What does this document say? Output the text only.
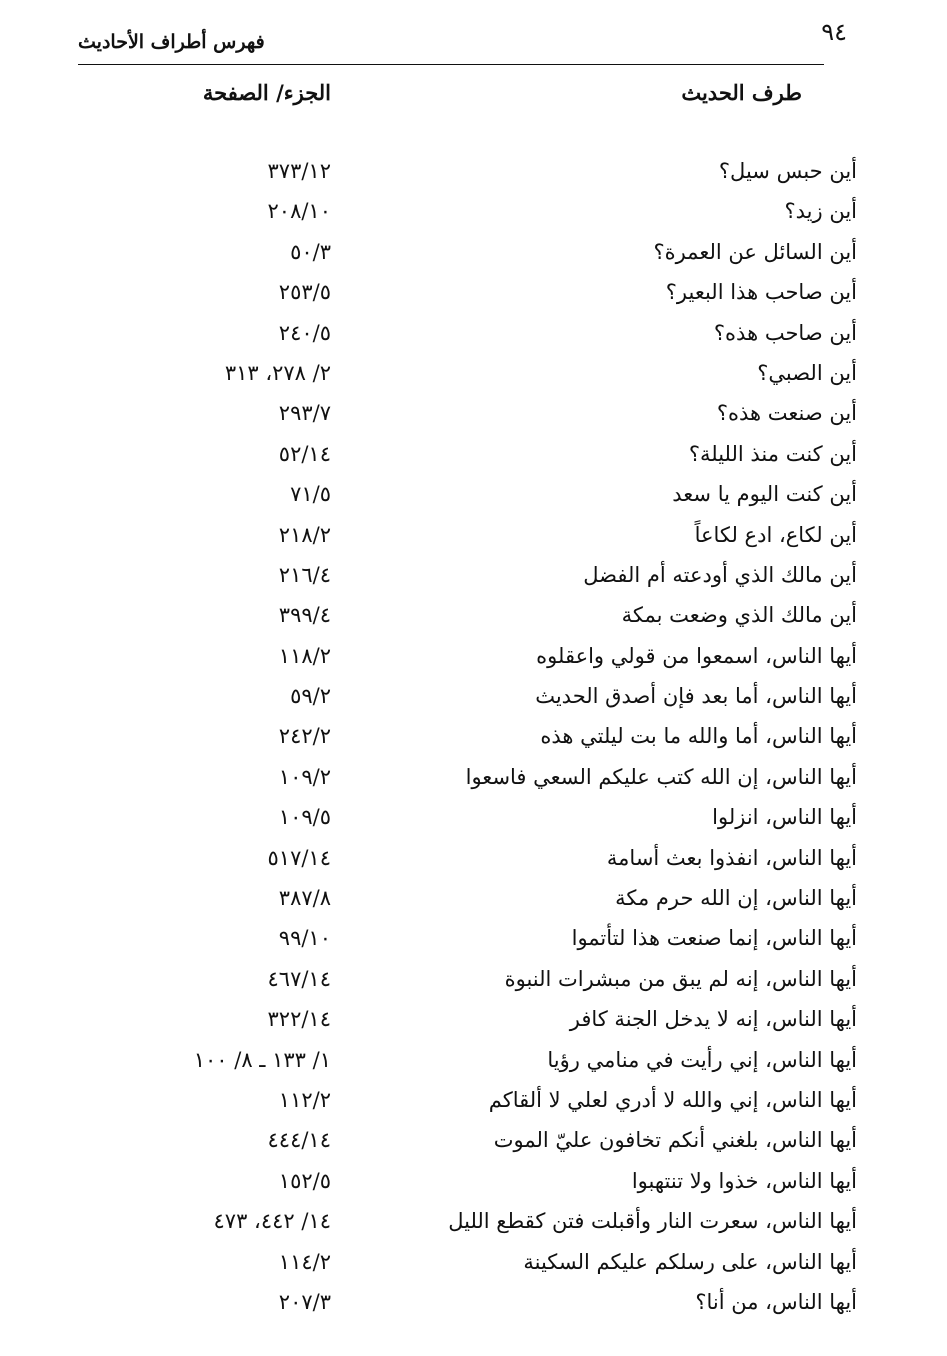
٩٤
فهرس أطراف الأحاديث
طرف الحديث
الجزء/ الصفحة
أين حبس سيل؟
٣٧٣/١٢
أين زيد؟
٢٠٨/١٠
أين السائل عن العمرة؟
٥٠/٣
أين صاحب هذا البعير؟
٢٥٣/٥
أين صاحب هذه؟
٢٤٠/٥
أين الصبي؟
٢/ ٢٧٨، ٣١٣
أين صنعت هذه؟
٢٩٣/٧
أين كنت منذ الليلة؟
٥٢/١٤
أين كنت اليوم يا سعد
٧١/٥
أين لكاع، ادع لكاعاً
٢١٨/٢
أين مالك الذي أودعته أم الفضل
٢١٦/٤
أين مالك الذي وضعت بمكة
٣٩٩/٤
أيها الناس، اسمعوا من قولي واعقلوه
١١٨/٢
أيها الناس، أما بعد فإن أصدق الحديث
٥٩/٢
أيها الناس، أما والله ما بت ليلتي هذه
٢٤٢/٢
أيها الناس، إن الله كتب عليكم السعي فاسعوا
١٠٩/٢
أيها الناس، انزلوا
١٠٩/٥
أيها الناس، انفذوا بعث أسامة
٥١٧/١٤
أيها الناس، إن الله حرم مكة
٣٨٧/٨
أيها الناس، إنما صنعت هذا لتأتموا
٩٩/١٠
أيها الناس، إنه لم يبق من مبشرات النبوة
٤٦٧/١٤
أيها الناس، إنه لا يدخل الجنة كافر
٣٢٢/١٤
أيها الناس، إني رأيت في منامي رؤيا
١/ ١٣٣ ـ ٨/ ١٠٠
أيها الناس، إني والله لا أدري لعلي لا ألقاكم
١١٢/٢
أيها الناس، بلغني أنكم تخافون عليّ الموت
٤٤٤/١٤
أيها الناس، خذوا ولا تنتهبوا
١٥٢/٥
أيها الناس، سعرت النار وأقبلت فتن كقطع الليل
١٤/ ٤٤٢، ٤٧٣
أيها الناس، على رسلكم عليكم السكينة
١١٤/٢
أيها الناس، من أنا؟
٢٠٧/٣
